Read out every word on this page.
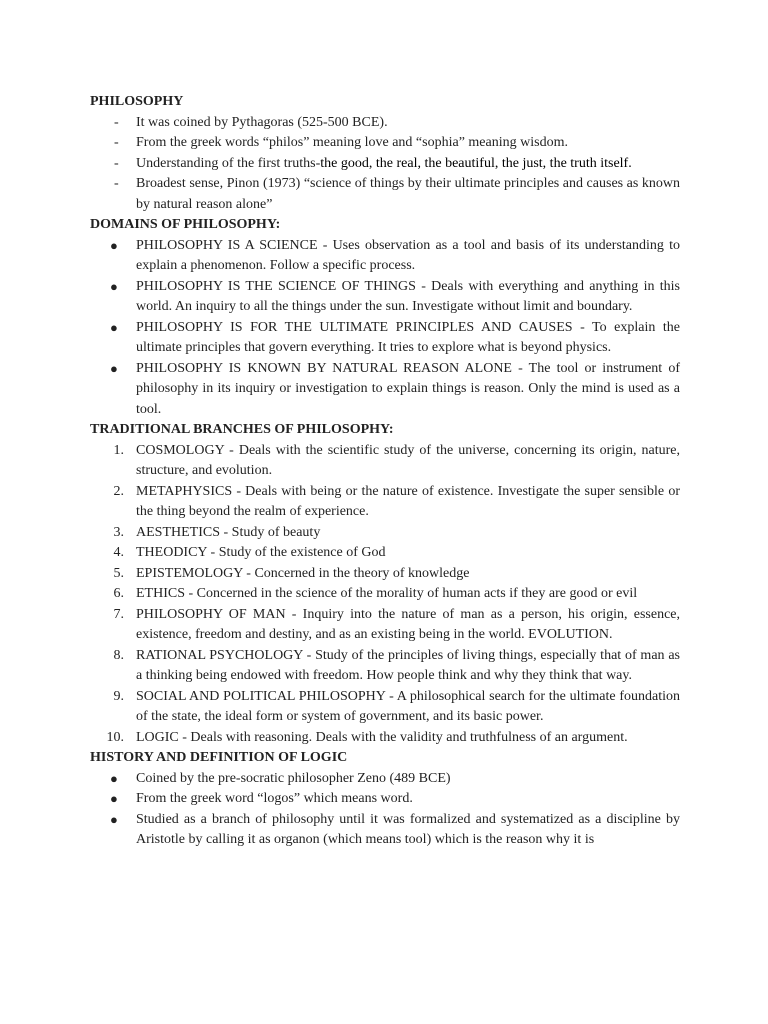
PHILOSOPHY

-	It was coined by Pythagoras (525-500 BCE).
-	From the greek words “philos” meaning love and “sophia” meaning wisdom.
-	Understanding of the first truths-the good, the real, the beautiful, the just, the truth itself.
-	Broadest sense, Pinon (1973) “science of things by their ultimate principles and causes as known by natural reason alone”

DOMAINS OF PHILOSOPHY:

●	PHILOSOPHY IS A SCIENCE - Uses observation as a tool and basis of its understanding to explain a phenomenon. Follow a specific process.
●	PHILOSOPHY IS THE SCIENCE OF THINGS - Deals with everything and anything in this world. An inquiry to all the things under the sun. Investigate without limit and boundary.
●	PHILOSOPHY IS FOR THE ULTIMATE PRINCIPLES AND CAUSES - To explain the ultimate principles that govern everything. It tries to explore what is beyond physics.
●	PHILOSOPHY IS KNOWN BY NATURAL REASON ALONE - The tool or instrument of philosophy in its inquiry or investigation to explain things is reason. Only the mind is used as a tool.

TRADITIONAL BRANCHES OF PHILOSOPHY:

1. COSMOLOGY - Deals with the scientific study of the universe, concerning its origin, nature, structure, and evolution.
2. METAPHYSICS - Deals with being or the nature of existence. Investigate the super sensible or the thing beyond the realm of experience.
3. AESTHETICS - Study of beauty
4. THEODICY - Study of the existence of God
5. EPISTEMOLOGY - Concerned in the theory of knowledge
6. ETHICS - Concerned in the science of the morality of human acts if they are good or evil
7. PHILOSOPHY OF MAN - Inquiry into the nature of man as a person, his origin, essence, existence, freedom and destiny, and as an existing being in the world. EVOLUTION.
8. RATIONAL PSYCHOLOGY - Study of the principles of living things, especially that of man as a thinking being endowed with freedom. How people think and why they think that way.
9. SOCIAL AND POLITICAL PHILOSOPHY - A philosophical search for the ultimate foundation of the state, the ideal form or system of government, and its basic power.
10. LOGIC - Deals with reasoning. Deals with the validity and truthfulness of an argument.

HISTORY AND DEFINITION OF LOGIC

●	Coined by the pre-socratic philosopher Zeno (489 BCE)
●	From the greek word “logos” which means word.
●	Studied as a branch of philosophy until it was formalized and systematized as a discipline by Aristotle by calling it as organon (which means tool) which is the reason why it is
